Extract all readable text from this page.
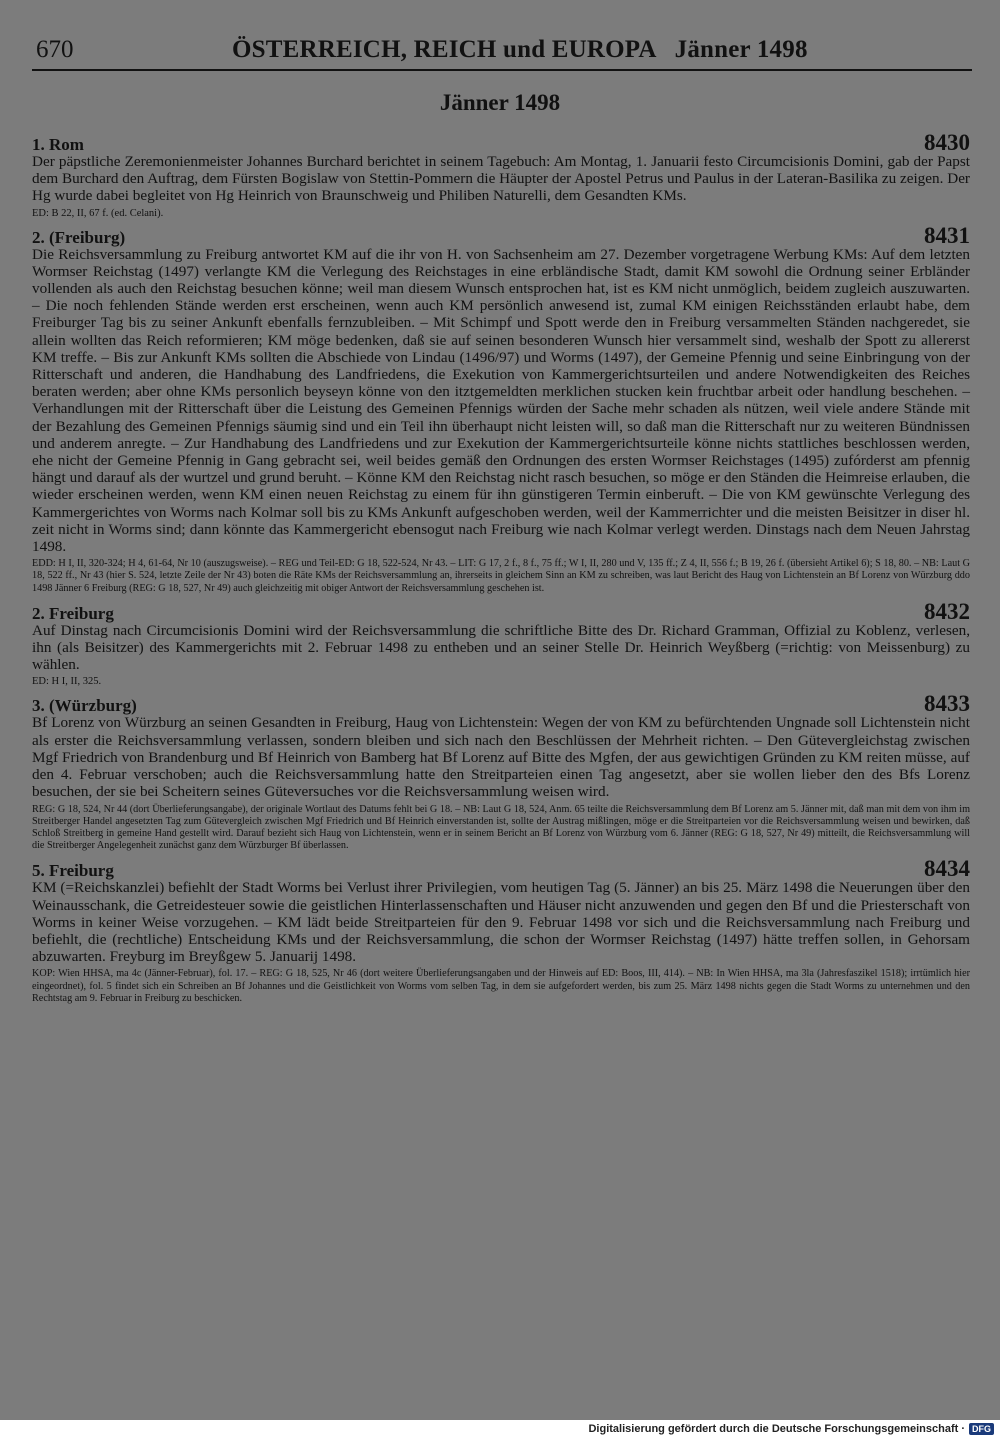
670	ÖSTERREICH, REICH und EUROPA   Jänner 1498
Jänner 1498
1. Rom	8430

Der päpstliche Zeremonienmeister Johannes Burchard berichtet in seinem Tagebuch: Am Montag, 1. Januarii festo Circumcisionis Domini, gab der Papst dem Burchard den Auftrag, dem Fürsten Bogislaw von Stettin-Pommern die Häupter der Apostel Petrus und Paulus in der Lateran-Basilika zu zeigen. Der Hg wurde dabei begleitet von Hg Heinrich von Braunschweig und Philiben Naturelli, dem Gesandten KMs.

ED: B 22, II, 67 f. (ed. Celani).

2. (Freiburg)	8431

Die Reichsversammlung zu Freiburg antwortet KM auf die ihr von H. von Sachsenheim am 27. Dezember vorgetragene Werbung KMs: Auf dem letzten Wormser Reichstag (1497) verlangte KM die Verlegung des Reichstages in eine erbländische Stadt, damit KM sowohl die Ordnung seiner Erbländer vollenden als auch den Reichstag besuchen könne; weil man diesem Wunsch entsprochen hat, ist es KM nicht unmöglich, beidem zugleich auszuwarten. – Die noch fehlenden Stände werden erst erscheinen, wenn auch KM persönlich anwesend ist, zumal KM einigen Reichsständen erlaubt habe, dem Freiburger Tag bis zu seiner Ankunft ebenfalls fernzubleiben. – Mit Schimpf und Spott werde den in Freiburg versammelten Ständen nachgeredet, sie allein wollten das Reich reformieren; KM möge bedenken, daß sie auf seinen besonderen Wunsch hier versammelt sind, weshalb der Spott zu allererst KM treffe. – Bis zur Ankunft KMs sollten die Abschiede von Lindau (1496/97) und Worms (1497), der Gemeine Pfennig und seine Einbringung von der Ritterschaft und anderen, die Handhabung des Landfriedens, die Exekution von Kammergerichtsurteilen und andere Notwendigkeiten des Reiches beraten werden; aber ohne KMs personlich beyseyn könne von den itztgemeldten merklichen stucken kein fruchtbar arbeit oder handlung beschehen. – Verhandlungen mit der Ritterschaft über die Leistung des Gemeinen Pfennigs würden der Sache mehr schaden als nützen, weil viele andere Stände mit der Bezahlung des Gemeinen Pfennigs säumig sind und ein Teil ihn überhaupt nicht leisten will, so daß man die Ritterschaft nur zu weiteren Bündnissen und anderem anregte. – Zur Handhabung des Landfriedens und zur Exekution der Kammergerichtsurteile könne nichts stattliches beschlossen werden, ehe nicht der Gemeine Pfennig in Gang gebracht sei, weil beides gemäß den Ordnungen des ersten Wormser Reichstages (1495) zufórderst am pfennig hängt und darauf als der wurtzel und grund beruht. – Könne KM den Reichstag nicht rasch besuchen, so möge er den Ständen die Heimreise erlauben, die wieder erscheinen werden, wenn KM einen neuen Reichstag zu einem für ihn günstigeren Termin einberuft. – Die von KM gewünschte Verlegung des Kammergerichtes von Worms nach Kolmar soll bis zu KMs Ankunft aufgeschoben werden, weil der Kammerrichter und die meisten Beisitzer in diser hl. zeit nicht in Worms sind; dann könnte das Kammergericht ebensogut nach Freiburg wie nach Kolmar verlegt werden. Dinstags nach dem Neuen Jahrstag 1498.

EDD: H I, II, 320-324; H 4, 61-64, Nr 10 (auszugsweise). – REG und Teil-ED: G 18, 522-524, Nr 43. – LIT: G 17, 2 f., 8 f., 75 ff.; W I, II, 280 und V, 135 ff.; Z 4, II, 556 f.; B 19, 26 f. (übersieht Artikel 6); S 18, 80. – NB: Laut G 18, 522 ff., Nr 43 (hier S. 524, letzte Zeile der Nr 43) boten die Räte KMs der Reichsversammlung an, ihrerseits in gleichem Sinn an KM zu schreiben, was laut Bericht des Haug von Lichtenstein an Bf Lorenz von Würzburg ddo 1498 Jänner 6 Freiburg (REG: G 18, 527, Nr 49) auch gleichzeitig mit obiger Antwort der Reichsversammlung geschehen ist.

2. Freiburg	8432

Auf Dinstag nach Circumcisionis Domini wird der Reichsversammlung die schriftliche Bitte des Dr. Richard Gramman, Offizial zu Koblenz, verlesen, ihn (als Beisitzer) des Kammergerichts mit 2. Februar 1498 zu entheben und an seiner Stelle Dr. Heinrich Weyßberg (=richtig: von Meissenburg) zu wählen.

ED: H I, II, 325.

3. (Würzburg)	8433

Bf Lorenz von Würzburg an seinen Gesandten in Freiburg, Haug von Lichtenstein: Wegen der von KM zu befürchtenden Ungnade soll Lichtenstein nicht als erster die Reichsversammlung verlassen, sondern bleiben und sich nach den Beschlüssen der Mehrheit richten. – Den Gütevergleichstag zwischen Mgf Friedrich von Brandenburg und Bf Heinrich von Bamberg hat Bf Lorenz auf Bitte des Mgfen, der aus gewichtigen Gründen zu KM reiten müsse, auf den 4. Februar verschoben; auch die Reichsversammlung hatte den Streitparteien einen Tag angesetzt, aber sie wollen lieber den des Bfs Lorenz besuchen, der sie bei Scheitern seines Güteversuches vor die Reichsversammlung weisen wird.

REG: G 18, 524, Nr 44 (dort Überlieferungsangabe), der originale Wortlaut des Datums fehlt bei G 18. – NB: Laut G 18, 524, Anm. 65 teilte die Reichsversammlung dem Bf Lorenz am 5. Jänner mit, daß man mit dem von ihm im Streitberger Handel angesetzten Tag zum Gütevergleich zwischen Mgf Friedrich und Bf Heinrich einverstanden ist, sollte der Austrag mißlingen, möge er die Streitparteien vor die Reichsversammlung weisen und bewirken, daß Schloß Streitberg in gemeine Hand gestellt wird. Darauf bezieht sich Haug von Lichtenstein, wenn er in seinem Bericht an Bf Lorenz von Würzburg vom 6. Jänner (REG: G 18, 527, Nr 49) mitteilt, die Reichsversammlung will die Streitberger Angelegenheit zunächst ganz dem Würzburger Bf überlassen.

5. Freiburg	8434

KM (=Reichskanzlei) befiehlt der Stadt Worms bei Verlust ihrer Privilegien, vom heutigen Tag (5. Jänner) an bis 25. März 1498 die Neuerungen über den Weinausschank, die Getreidesteuer sowie die geistlichen Hinterlassenschaften und Häuser nicht anzuwenden und gegen den Bf und die Priesterschaft von Worms in keiner Weise vorzugehen. – KM lädt beide Streitparteien für den 9. Februar 1498 vor sich und die Reichsversammlung nach Freiburg und befiehlt, die (rechtliche) Entscheidung KMs und der Reichsversammlung, die schon der Wormser Reichstag (1497) hätte treffen sollen, in Gehorsam abzuwarten. Freyburg im Breyßgew 5. Januarij 1498.

KOP: Wien HHSA, ma 4c (Jänner-Februar), fol. 17. – REG: G 18, 525, Nr 46 (dort weitere Überlieferungsangaben und der Hinweis auf ED: Boos, III, 414). – NB: In Wien HHSA, ma 3la (Jahresfaszikel 1518); irrtümlich hier eingeordnet), fol. 5 findet sich ein Schreiben an Bf Johannes und die Geistlichkeit von Worms vom selben Tag, in dem sie aufgefordert werden, bis zum 25. März 1498 nichts gegen die Stadt Worms zu unternehmen und den Rechtstag am 9. Februar in Freiburg zu beschicken.

Digitalisierung gefördert durch die Deutsche Forschungsgemeinschaft · DFG
